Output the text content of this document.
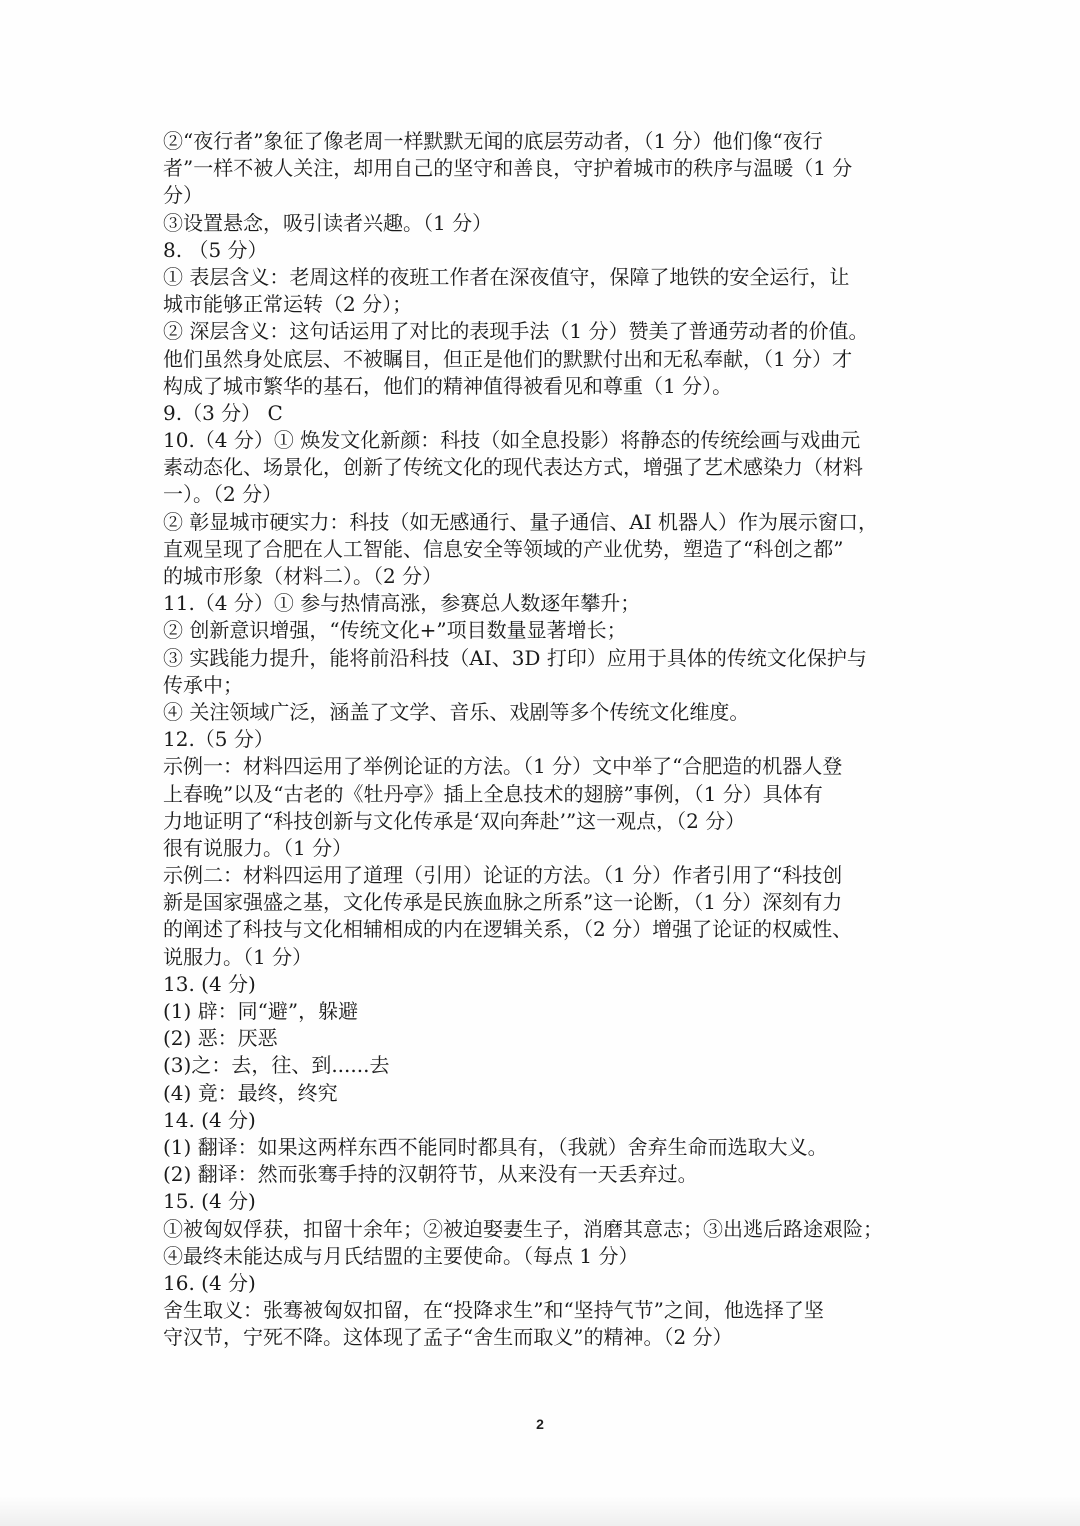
②“夜行者”象征了像老周一样默默无闻的底层劳动者，（1 分）他们像“夜行
者”一样不被人关注，却用自己的坚守和善良，守护着城市的秩序与温暖（1 分
分）
③设置悬念，吸引读者兴趣。（1 分）
8. （5 分）
① 表层含义：老周这样的夜班工作者在深夜值守，保障了地铁的安全运行，让
城市能够正常运转（2 分）；
② 深层含义：这句话运用了对比的表现手法（1 分）赞美了普通劳动者的价值。
他们虽然身处底层、不被瞩目，但正是他们的默默付出和无私奉献，（1 分）才
构成了城市繁华的基石，他们的精神值得被看见和尊重（1 分）。
9.（3 分） C
10.（4 分）① 焕发文化新颜：科技（如全息投影）将静态的传统绘画与戏曲元
素动态化、场景化，创新了传统文化的现代表达方式，增强了艺术感染力（材料
一）。（2 分）
② 彰显城市硬实力：科技（如无感通行、量子通信、AI 机器人）作为展示窗口，
直观呈现了合肥在人工智能、信息安全等领域的产业优势，塑造了“科创之都”
的城市形象（材料二）。（2 分）
11.（4 分）① 参与热情高涨，参赛总人数逐年攀升；
② 创新意识增强，“传统文化+”项目数量显著增长；
③ 实践能力提升，能将前沿科技（AI、3D 打印）应用于具体的传统文化保护与
传承中；
④ 关注领域广泛，涵盖了文学、音乐、戏剧等多个传统文化维度。
12.（5 分）
示例一：材料四运用了举例论证的方法。（1 分）文中举了“合肥造的机器人登
上春晚”以及“古老的《牡丹亭》插上全息技术的翅膀”事例，（1 分）具体有
力地证明了“科技创新与文化传承是‘双向奔赴’”这一观点，（2 分）
很有说服力。（1 分）
示例二：材料四运用了道理（引用）论证的方法。（1 分）作者引用了“科技创
新是国家强盛之基，文化传承是民族血脉之所系”这一论断，（1 分）深刻有力
的阐述了科技与文化相辅相成的内在逻辑关系，（2 分）增强了论证的权威性、
说服力。（1 分）
13. (4 分)
(1) 辟：同“避”，躲避
(2) 恶：厌恶
(3)之：去，往、到......去
(4) 竟：最终，终究
14. (4 分)
(1) 翻译：如果这两样东西不能同时都具有，（我就）舍弃生命而选取大义。
(2) 翻译：然而张骞手持的汉朝符节，从来没有一天丢弃过。
15. (4 分)
①被匈奴俘获，扣留十余年；②被迫娶妻生子，消磨其意志；③出逃后路途艰险；
④最终未能达成与月氏结盟的主要使命。（每点 1 分）
16. (4 分)
舍生取义：张骞被匈奴扣留，在“投降求生”和“坚持气节”之间，他选择了坚
守汉节，宁死不降。这体现了孟子“舍生而取义”的精神。（2 分）
2
